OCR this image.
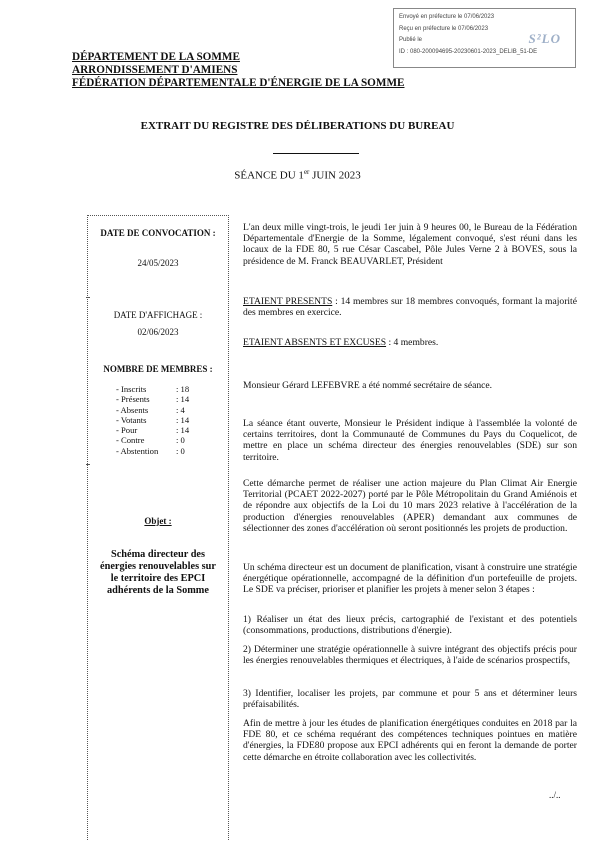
Envoyé en préfecture le 07/06/2023
Reçu en préfecture le 07/06/2023
Publié le
ID : 080-200094695-20230601-2023_DELIB_51-DE
S²LO
DÉPARTEMENT DE LA SOMME
ARRONDISSEMENT D'AMIENS
FÉDÉRATION DÉPARTEMENTALE D'ÉNERGIE DE LA SOMME
EXTRAIT DU REGISTRE DES DÉLIBERATIONS DU BUREAU
SÉANCE DU 1er JUIN 2023
DATE DE CONVOCATION :
24/05/2023
DATE D'AFFICHAGE :
02/06/2023
NOMBRE DE MEMBRES :
- Inscrits	: 18
- Présents	: 14
- Absents	: 4
- Votants	: 14
- Pour	: 14
- Contre	: 0
- Abstention : 0
Objet :
Schéma directeur des énergies renouvelables sur le territoire des EPCI adhérents de la Somme

L'an deux mille vingt-trois, le jeudi 1er juin à 9 heures 00, le Bureau de la Fédération Départementale d'Energie de la Somme, légalement convoqué, s'est réuni dans les locaux de la FDE 80, 5 rue César Cascabel, Pôle Jules Verne 2 à BOVES, sous la présidence de M. Franck BEAUVARLET, Président

ETAIENT PRESENTS : 14 membres sur 18 membres convoqués, formant la majorité des membres en exercice.

ETAIENT ABSENTS ET EXCUSES : 4 membres.

Monsieur Gérard LEFEBVRE a été nommé secrétaire de séance.

La séance étant ouverte, Monsieur le Président indique à l'assemblée la volonté de certains territoires, dont la Communauté de Communes du Pays du Coquelicot, de mettre en place un schéma directeur des énergies renouvelables (SDE) sur son territoire.

Cette démarche permet de réaliser une action majeure du Plan Climat Air Energie Territorial (PCAET 2022-2027) porté par le Pôle Métropolitain du Grand Amiénois et de répondre aux objectifs de la Loi du 10 mars 2023 relative à l'accélération de la production d'énergies renouvelables (APER) demandant aux communes de sélectionner des zones d'accélération où seront positionnés les projets de production.

Un schéma directeur est un document de planification, visant à construire une stratégie énergétique opérationnelle, accompagné de la définition d'un portefeuille de projets. Le SDE va préciser, prioriser et planifier les projets à mener selon 3 étapes :

1) Réaliser un état des lieux précis, cartographié de l'existant et des potentiels (consommations, productions, distributions d'énergie).

2) Déterminer une stratégie opérationnelle à suivre intégrant des objectifs précis pour les énergies renouvelables thermiques et électriques, à l'aide de scénarios prospectifs,

3) Identifier, localiser les projets, par commune et pour 5 ans et déterminer leurs préfaisabilités.

Afin de mettre à jour les études de planification énergétiques conduites en 2018 par la FDE 80, et ce schéma requérant des compétences techniques pointues en matière d'énergies, la FDE80 propose aux EPCI adhérents qui en feront la demande de porter cette démarche en étroite collaboration avec les collectivités.

../..
